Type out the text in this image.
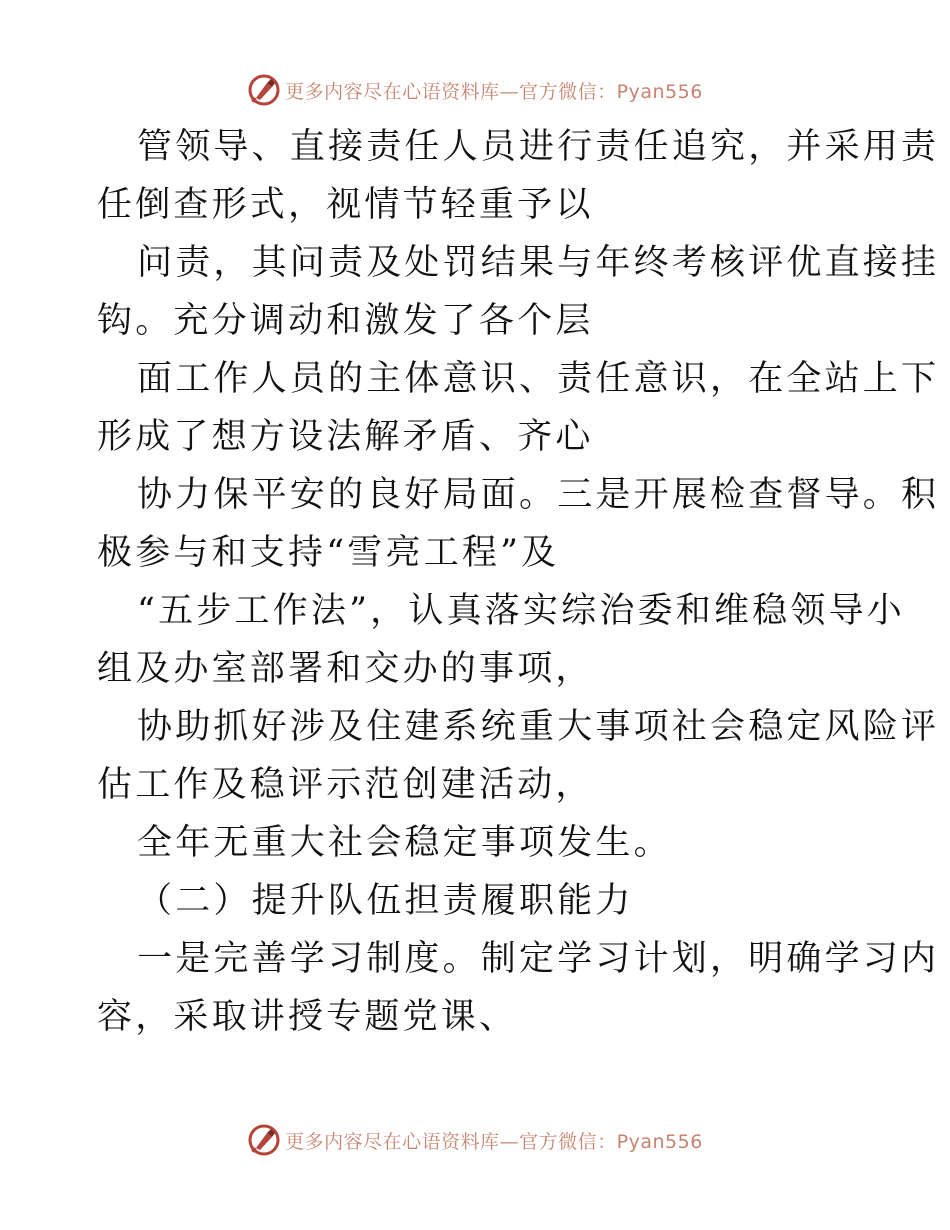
更多内容尽在心语资料库—官方微信：Pyan556
管领导、直接责任人员进行责任追究，并采用责
任倒查形式，视情节轻重予以
问责，其问责及处罚结果与年终考核评优直接挂
钩。充分调动和激发了各个层
面工作人员的主体意识、责任意识，在全站上下
形成了想方设法解矛盾、齐心
协力保平安的良好局面。三是开展检查督导。积
极参与和支持“雪亮工程”及
“五步工作法”，认真落实综治委和维稳领导小
组及办室部署和交办的事项，
协助抓好涉及住建系统重大事项社会稳定风险评
估工作及稳评示范创建活动，
全年无重大社会稳定事项发生。
（二）提升队伍担责履职能力
一是完善学习制度。制定学习计划，明确学习内
容，采取讲授专题党课、
更多内容尽在心语资料库—官方微信：Pyan556
